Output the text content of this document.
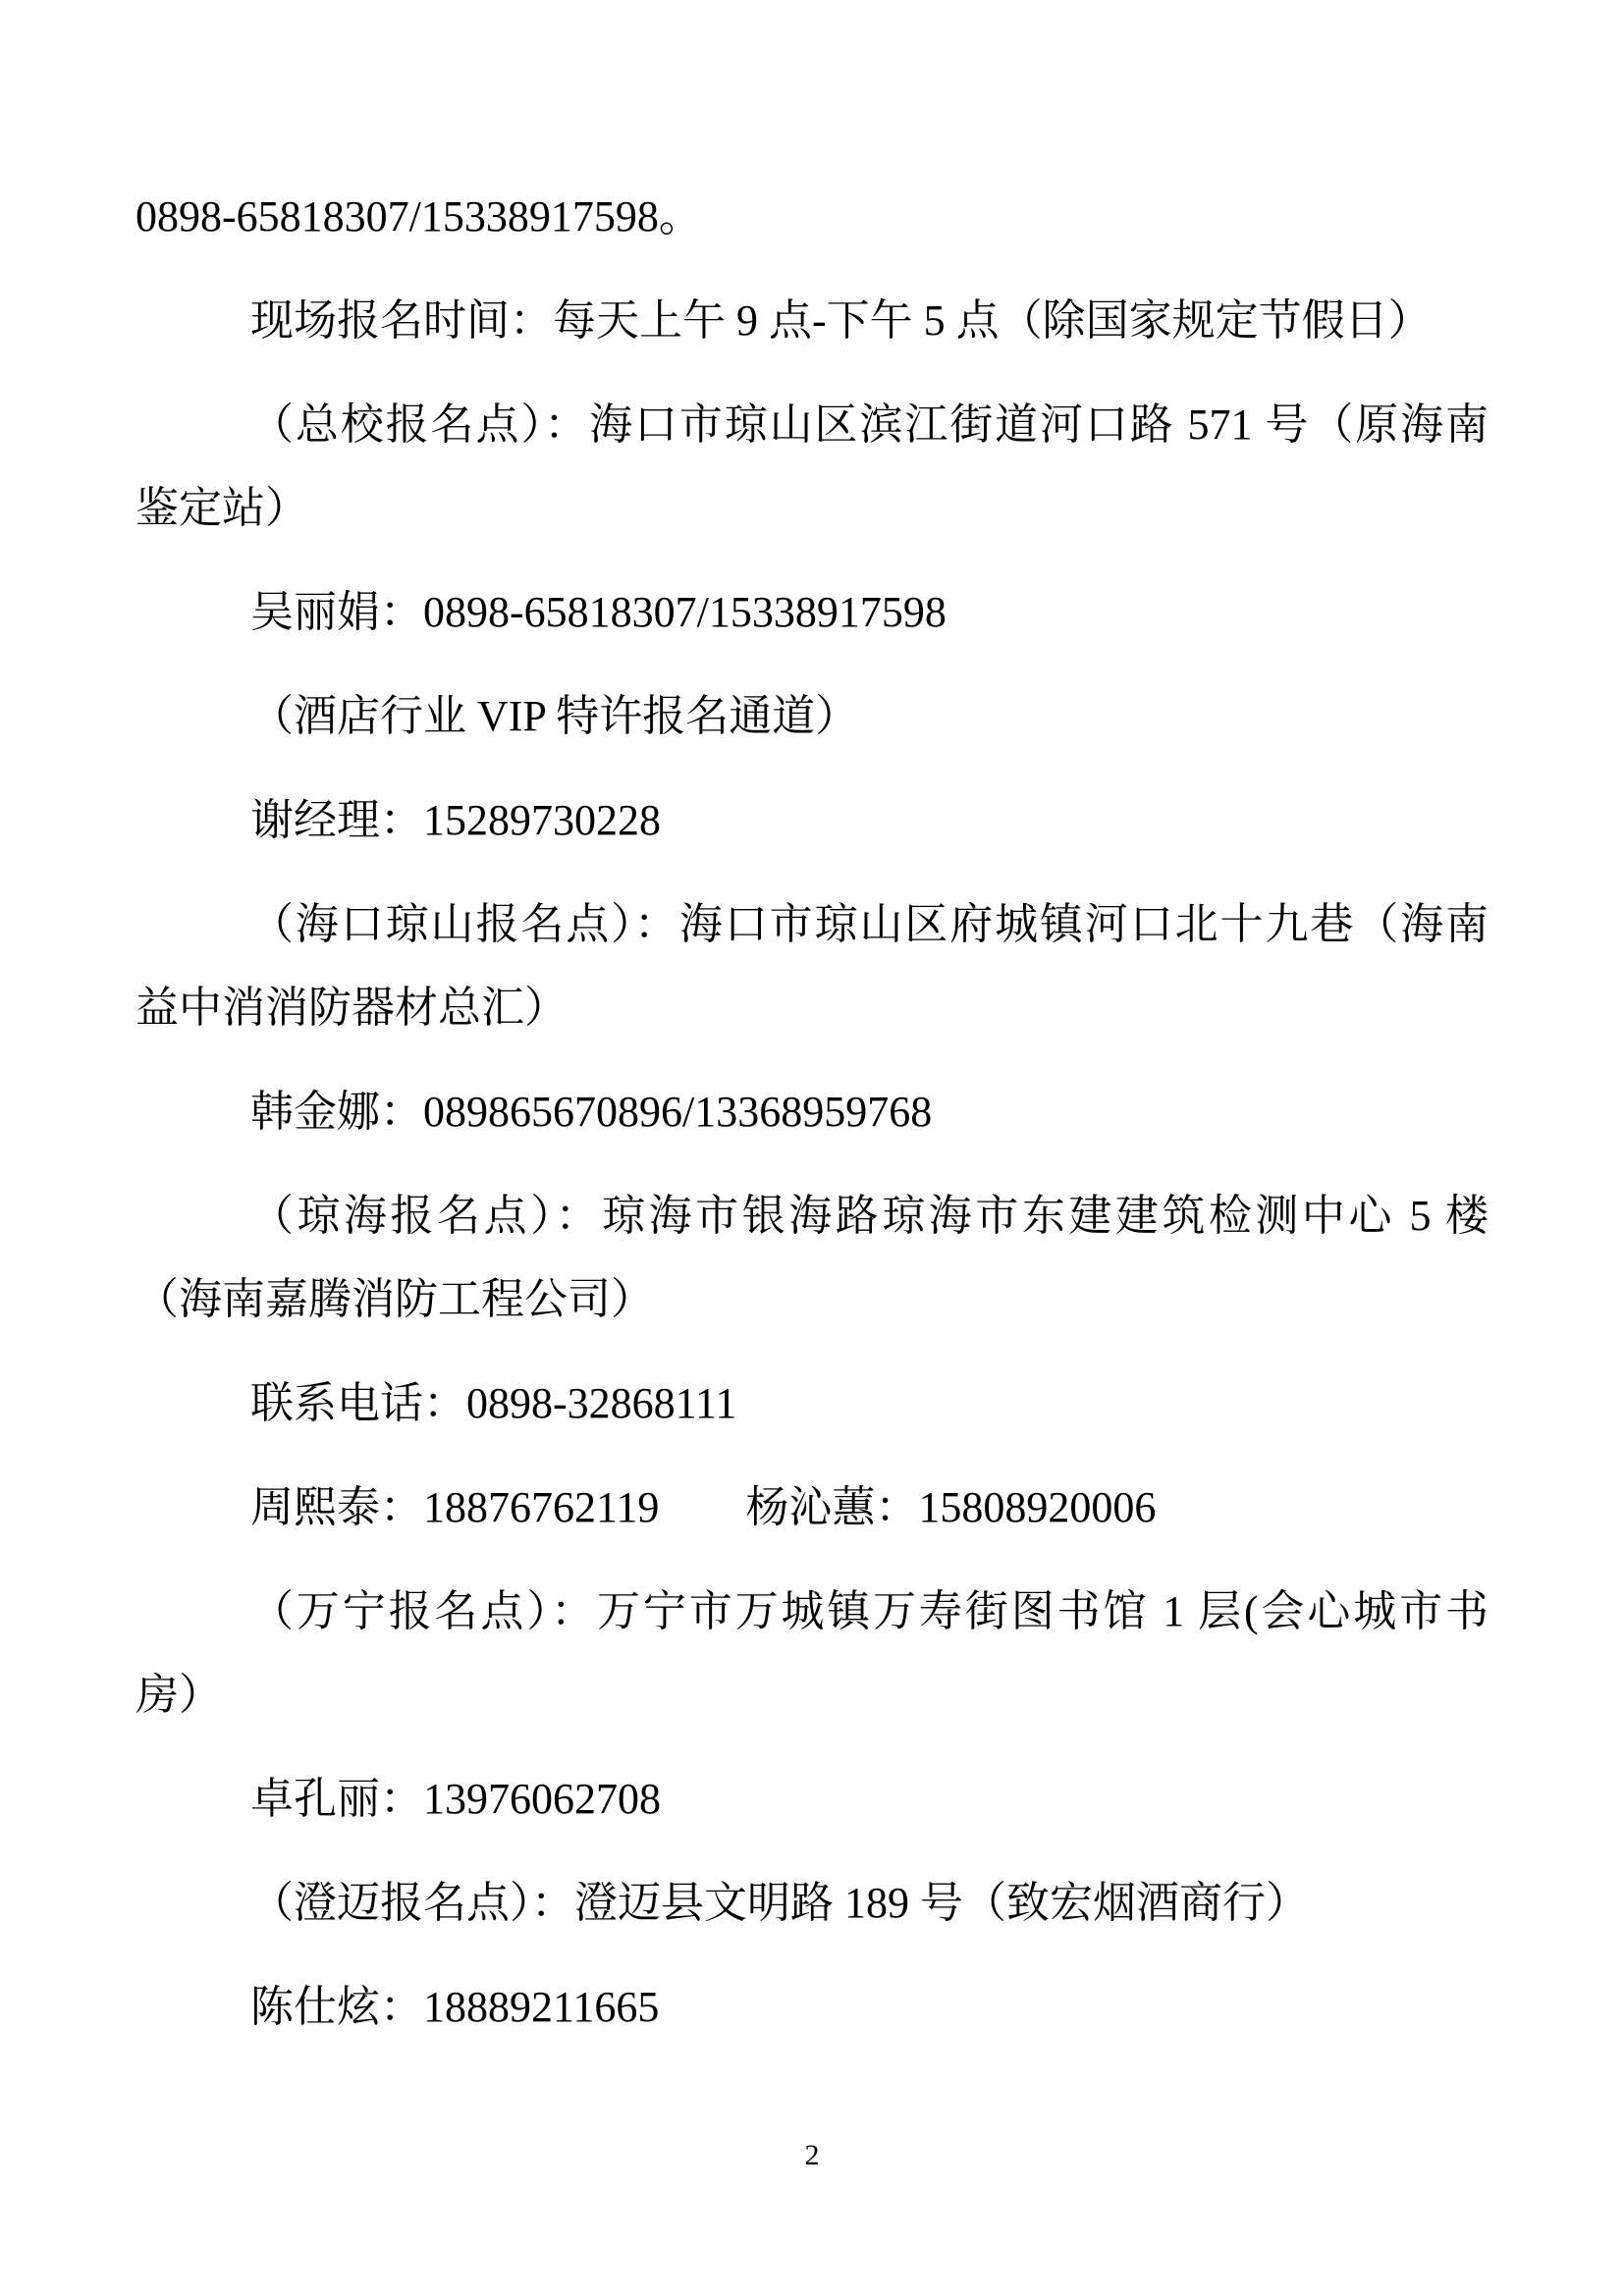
0898-65818307/15338917598。

现场报名时间：每天上午 9 点-下午 5 点（除国家规定节假日）

（总校报名点）：海口市琼山区滨江街道河口路 571 号（原海南
鉴定站）

吴丽娟：0898-65818307/15338917598

（酒店行业 VIP 特许报名通道）

谢经理：15289730228

（海口琼山报名点）：海口市琼山区府城镇河口北十九巷（海南
益中消消防器材总汇）

韩金娜：089865670896/13368959768

（琼海报名点）：琼海市银海路琼海市东建建筑检测中心 5 楼
（海南嘉腾消防工程公司）

联系电话：0898-32868111

周熙泰：18876762119　　杨沁蕙：15808920006

（万宁报名点）：万宁市万城镇万寿街图书馆 1 层(会心城市书
房）

卓孔丽：13976062708

（澄迈报名点）：澄迈县文明路 189 号（致宏烟酒商行）

陈仕炫：18889211665

2
